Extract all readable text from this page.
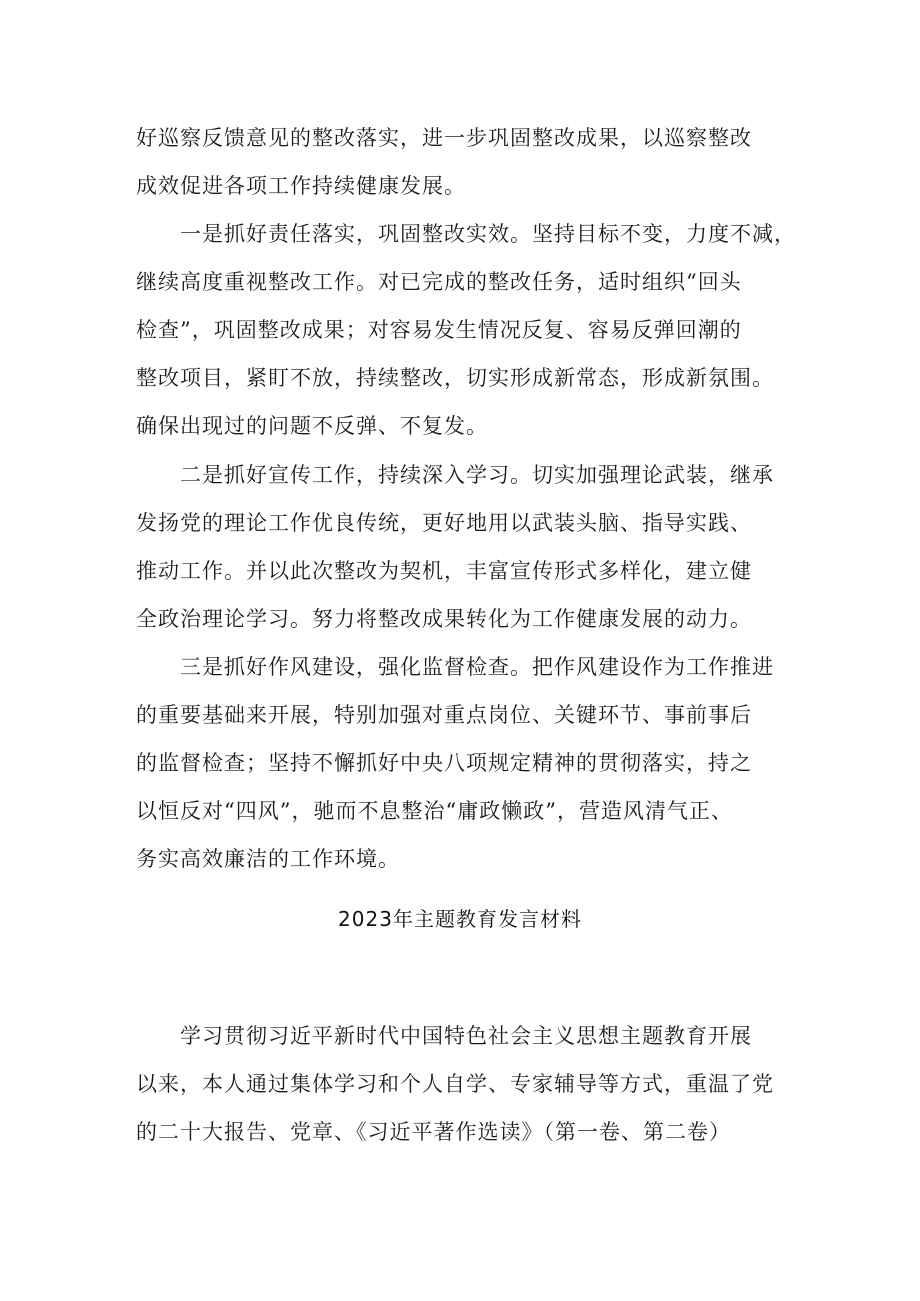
好巡察反馈意见的整改落实，进一步巩固整改成果，以巡察整改
成效促进各项工作持续健康发展。
　　一是抓好责任落实，巩固整改实效。坚持目标不变，力度不减，
继续高度重视整改工作。对已完成的整改任务，适时组织“回头
检查”，巩固整改成果；对容易发生情况反复、容易反弹回潮的
整改项目，紧盯不放，持续整改，切实形成新常态，形成新氛围。
确保出现过的问题不反弹、不复发。
　　二是抓好宣传工作，持续深入学习。切实加强理论武装，继承
发扬党的理论工作优良传统，更好地用以武装头脑、指导实践、
推动工作。并以此次整改为契机，丰富宣传形式多样化，建立健
全政治理论学习。努力将整改成果转化为工作健康发展的动力。
　　三是抓好作风建设，强化监督检查。把作风建设作为工作推进
的重要基础来开展，特别加强对重点岗位、关键环节、事前事后
的监督检查；坚持不懈抓好中央八项规定精神的贯彻落实，持之
以恒反对“四风”，驰而不息整治“庸政懒政”，营造风清气正、
务实高效廉洁的工作环境。
2023年主题教育发言材料
　　学习贯彻习近平新时代中国特色社会主义思想主题教育开展
以来，本人通过集体学习和个人自学、专家辅导等方式，重温了党
的二十大报告、党章、《习近平著作选读》（第一卷、第二卷）
